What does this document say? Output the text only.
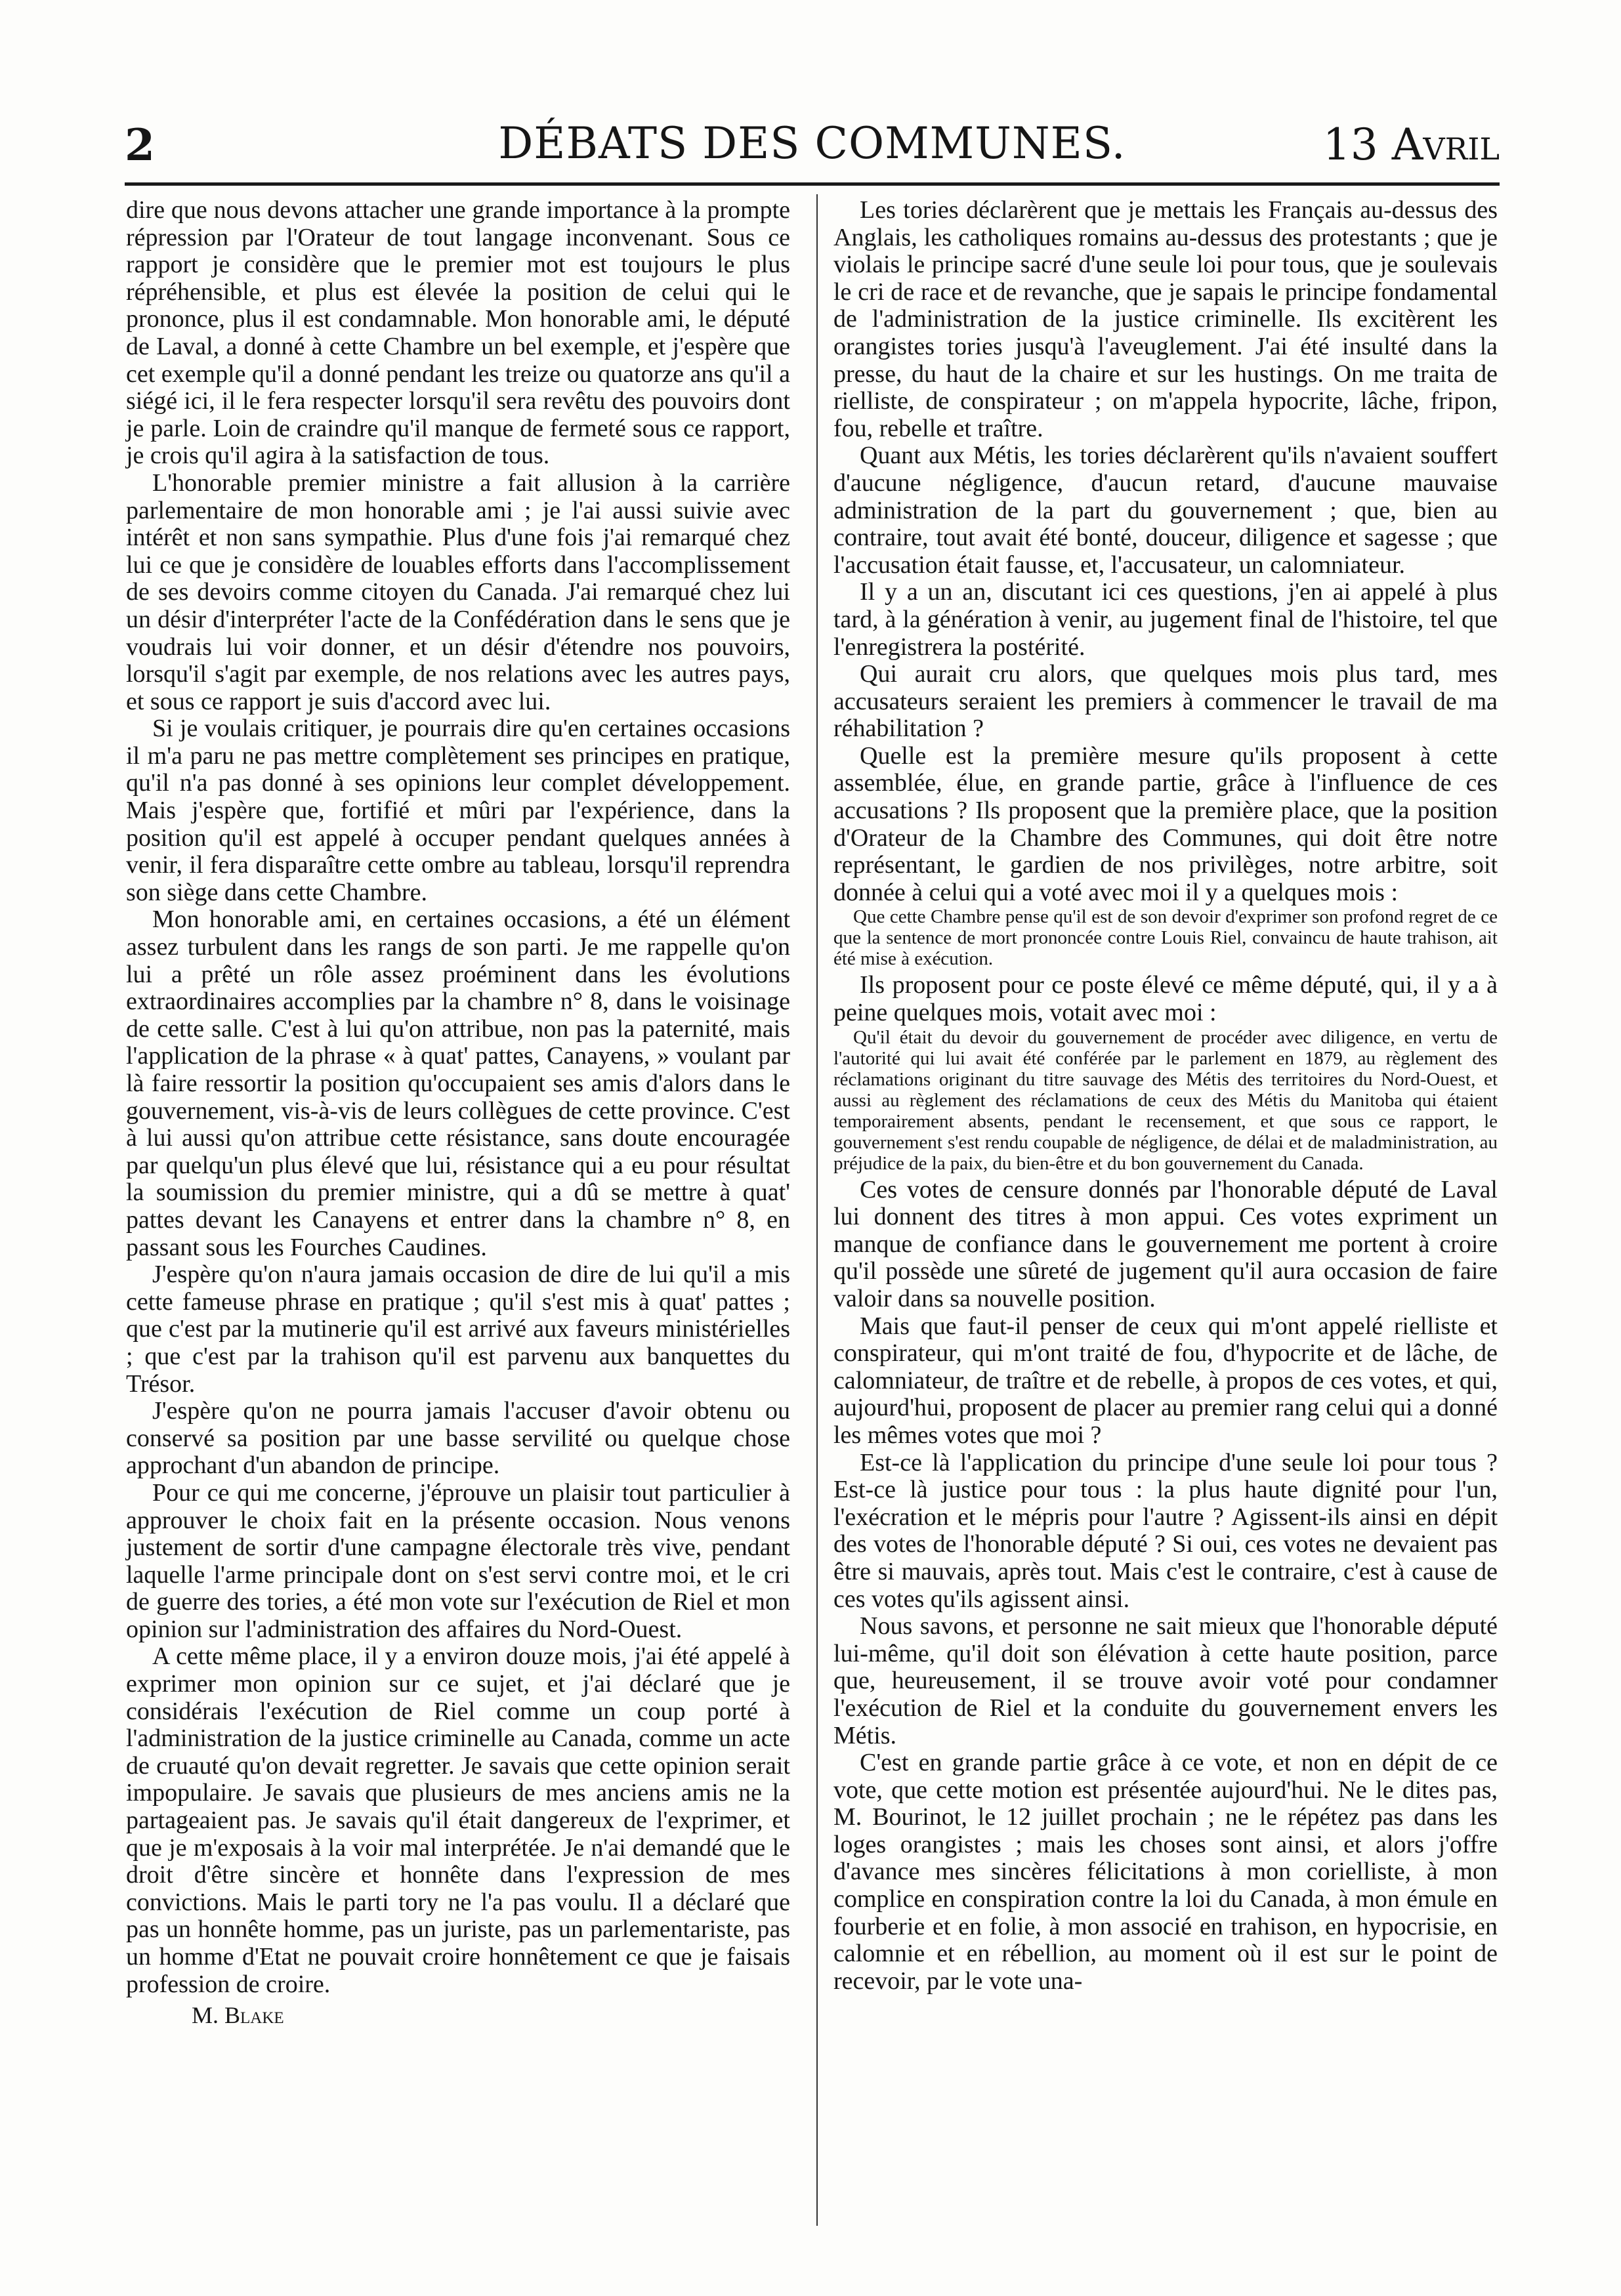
2	DÉBATS DES COMMUNES.	13 Avril

dire que nous devons attacher une grande importance à la prompte répression par l'Orateur de tout langage inconvenant. Sous ce rapport je considère que le premier mot est toujours le plus répréhensible, et plus est élevée la position de celui qui le prononce, plus il est condamnable. Mon honorable ami, le député de Laval, a donné à cette Chambre un bel exemple, et j'espère que cet exemple qu'il a donné pendant les treize ou quatorze ans qu'il a siégé ici, il le fera respecter lorsqu'il sera revêtu des pouvoirs dont je parle. Loin de craindre qu'il manque de fermeté sous ce rapport, je crois qu'il agira à la satisfaction de tous.

L'honorable premier ministre a fait allusion à la carrière parlementaire de mon honorable ami ; je l'ai aussi suivie avec intérêt et non sans sympathie. Plus d'une fois j'ai remarqué chez lui ce que je considère de louables efforts dans l'accomplissement de ses devoirs comme citoyen du Canada. J'ai remarqué chez lui un désir d'interpréter l'acte de la Confédération dans le sens que je voudrais lui voir donner, et un désir d'étendre nos pouvoirs, lorsqu'il s'agit par exemple, de nos relations avec les autres pays, et sous ce rapport je suis d'accord avec lui.

Si je voulais critiquer, je pourrais dire qu'en certaines occasions il m'a paru ne pas mettre complètement ses principes en pratique, qu'il n'a pas donné à ses opinions leur complet développement. Mais j'espère que, fortifié et mûri par l'expérience, dans la position qu'il est appelé à occuper pendant quelques années à venir, il fera disparaître cette ombre au tableau, lorsqu'il reprendra son siège dans cette Chambre.

Mon honorable ami, en certaines occasions, a été un élément assez turbulent dans les rangs de son parti. Je me rappelle qu'on lui a prêté un rôle assez proéminent dans les évolutions extraordinaires accomplies par la chambre n° 8, dans le voisinage de cette salle. C'est à lui qu'on attribue, non pas la paternité, mais l'application de la phrase « à quat' pattes, Canayens, » voulant par là faire ressortir la position qu'occupaient ses amis d'alors dans le gouvernement, vis-à-vis de leurs collègues de cette province. C'est à lui aussi qu'on attribue cette résistance, sans doute encouragée par quelqu'un plus élevé que lui, résistance qui a eu pour résultat la soumission du premier ministre, qui a dû se mettre à quat' pattes devant les Canayens et entrer dans la chambre n° 8, en passant sous les Fourches Caudines.

J'espère qu'on n'aura jamais occasion de dire de lui qu'il a mis cette fameuse phrase en pratique ; qu'il s'est mis à quat' pattes ; que c'est par la mutinerie qu'il est arrivé aux faveurs ministérielles ; que c'est par la trahison qu'il est parvenu aux banquettes du Trésor.

J'espère qu'on ne pourra jamais l'accuser d'avoir obtenu ou conservé sa position par une basse servilité ou quelque chose approchant d'un abandon de principe.

Pour ce qui me concerne, j'éprouve un plaisir tout particulier à approuver le choix fait en la présente occasion. Nous venons justement de sortir d'une campagne électorale très vive, pendant laquelle l'arme principale dont on s'est servi contre moi, et le cri de guerre des tories, a été mon vote sur l'exécution de Riel et mon opinion sur l'administration des affaires du Nord-Ouest.

A cette même place, il y a environ douze mois, j'ai été appelé à exprimer mon opinion sur ce sujet, et j'ai déclaré que je considérais l'exécution de Riel comme un coup porté à l'administration de la justice criminelle au Canada, comme un acte de cruauté qu'on devait regretter. Je savais que cette opinion serait impopulaire. Je savais que plusieurs de mes anciens amis ne la partageaient pas. Je savais qu'il était dangereux de l'exprimer, et que je m'exposais à la voir mal interprétée. Je n'ai demandé que le droit d'être sincère et honnête dans l'expression de mes convictions. Mais le parti tory ne l'a pas voulu. Il a déclaré que pas un honnête homme, pas un juriste, pas un parlementariste, pas un homme d'Etat ne pouvait croire honnêtement ce que je faisais profession de croire.

M. Blake

Les tories déclarèrent que je mettais les Français au-dessus des Anglais, les catholiques romains au-dessus des protestants ; que je violais le principe sacré d'une seule loi pour tous, que je soulevais le cri de race et de revanche, que je sapais le principe fondamental de l'administration de la justice criminelle. Ils excitèrent les orangistes tories jusqu'à l'aveuglement. J'ai été insulté dans la presse, du haut de la chaire et sur les hustings. On me traita de rielliste, de conspirateur ; on m'appela hypocrite, lâche, fripon, fou, rebelle et traître.

Quant aux Métis, les tories déclarèrent qu'ils n'avaient souffert d'aucune négligence, d'aucun retard, d'aucune mauvaise administration de la part du gouvernement ; que, bien au contraire, tout avait été bonté, douceur, diligence et sagesse ; que l'accusation était fausse, et, l'accusateur, un calomniateur.

Il y a un an, discutant ici ces questions, j'en ai appelé à plus tard, à la génération à venir, au jugement final de l'histoire, tel que l'enregistrera la postérité.

Qui aurait cru alors, que quelques mois plus tard, mes accusateurs seraient les premiers à commencer le travail de ma réhabilitation ?

Quelle est la première mesure qu'ils proposent à cette assemblée, élue, en grande partie, grâce à l'influence de ces accusations ? Ils proposent que la première place, que la position d'Orateur de la Chambre des Communes, qui doit être notre représentant, le gardien de nos privilèges, notre arbitre, soit donnée à celui qui a voté avec moi il y a quelques mois :

Que cette Chambre pense qu'il est de son devoir d'exprimer son profond regret de ce que la sentence de mort prononcée contre Louis Riel, convaincu de haute trahison, ait été mise à exécution.

Ils proposent pour ce poste élevé ce même député, qui, il y a à peine quelques mois, votait avec moi :

Qu'il était du devoir du gouvernement de procéder avec diligence, en vertu de l'autorité qui lui avait été conférée par le parlement en 1879, au règlement des réclamations originant du titre sauvage des Métis des territoires du Nord-Ouest, et aussi au règlement des réclamations de ceux des Métis du Manitoba qui étaient temporairement absents, pendant le recensement, et que sous ce rapport, le gouvernement s'est rendu coupable de négligence, de délai et de maladministration, au préjudice de la paix, du bien-être et du bon gouvernement du Canada.

Ces votes de censure donnés par l'honorable député de Laval lui donnent des titres à mon appui. Ces votes expriment un manque de confiance dans le gouvernement me portent à croire qu'il possède une sûreté de jugement qu'il aura occasion de faire valoir dans sa nouvelle position.

Mais que faut-il penser de ceux qui m'ont appelé rielliste et conspirateur, qui m'ont traité de fou, d'hypocrite et de lâche, de calomniateur, de traître et de rebelle, à propos de ces votes, et qui, aujourd'hui, proposent de placer au premier rang celui qui a donné les mêmes votes que moi ?

Est-ce là l'application du principe d'une seule loi pour tous ? Est-ce là justice pour tous : la plus haute dignité pour l'un, l'exécration et le mépris pour l'autre ? Agissent-ils ainsi en dépit des votes de l'honorable député ? Si oui, ces votes ne devaient pas être si mauvais, après tout. Mais c'est le contraire, c'est à cause de ces votes qu'ils agissent ainsi.

Nous savons, et personne ne sait mieux que l'honorable député lui-même, qu'il doit son élévation à cette haute position, parce que, heureusement, il se trouve avoir voté pour condamner l'exécution de Riel et la conduite du gouvernement envers les Métis.

C'est en grande partie grâce à ce vote, et non en dépit de ce vote, que cette motion est présentée aujourd'hui. Ne le dites pas, M. Bourinot, le 12 juillet prochain ; ne le répétez pas dans les loges orangistes ; mais les choses sont ainsi, et alors j'offre d'avance mes sincères félicitations à mon corielliste, à mon complice en conspiration contre la loi du Canada, à mon émule en fourberie et en folie, à mon associé en trahison, en hypocrisie, en calomnie et en rébellion, au moment où il est sur le point de recevoir, par le vote una-
